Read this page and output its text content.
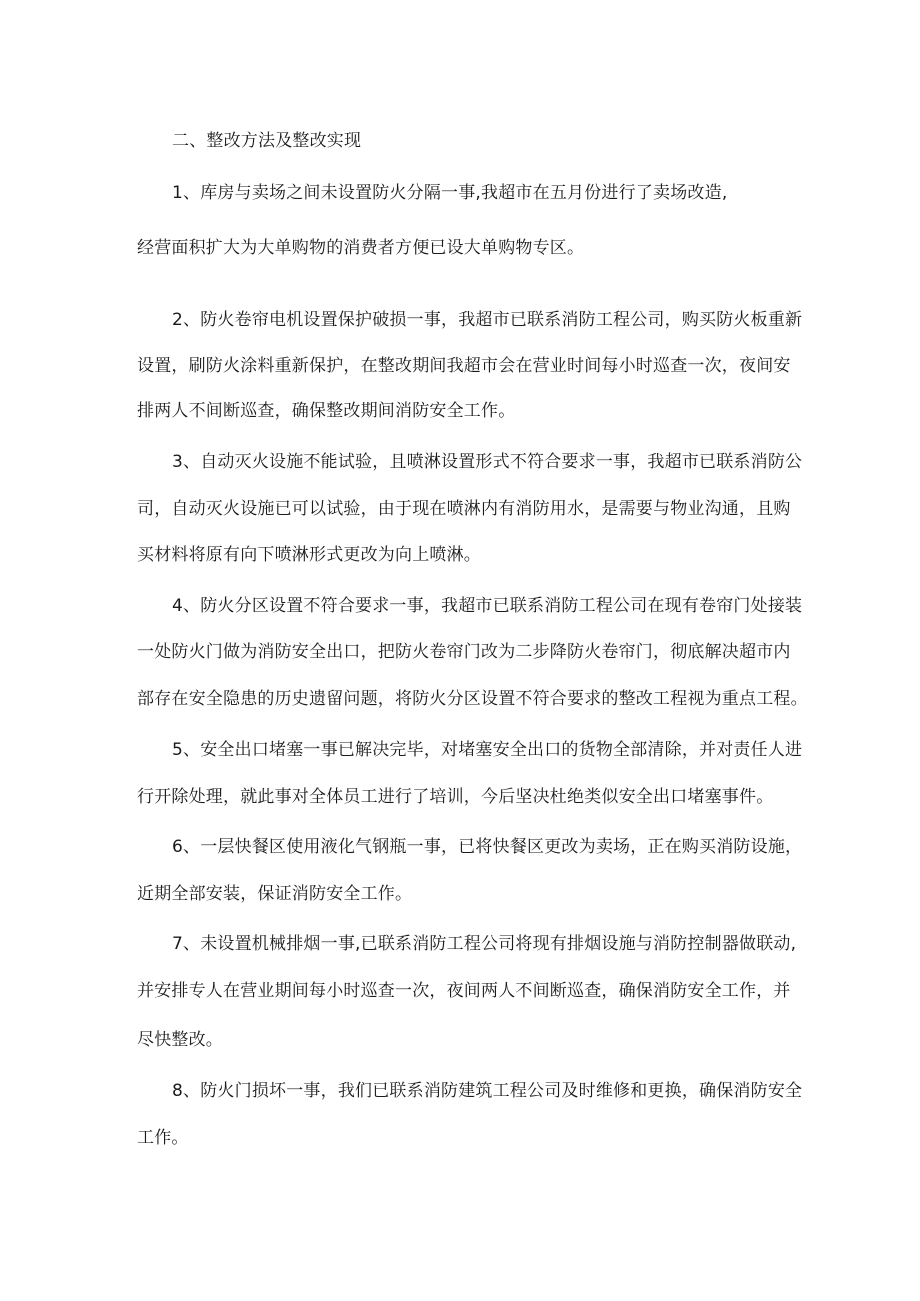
二、整改方法及整改实现
1、库房与卖场之间未设置防火分隔一事,我超市在五月份进行了卖场改造,
经营面积扩大为大单购物的消费者方便已设大单购物专区。
2、防火卷帘电机设置保护破损一事，我超市已联系消防工程公司，购买防火板重新
设置，刷防火涂料重新保护，在整改期间我超市会在营业时间每小时巡查一次，夜间安
排两人不间断巡查，确保整改期间消防安全工作。
3、自动灭火设施不能试验，且喷淋设置形式不符合要求一事，我超市已联系消防公
司，自动灭火设施已可以试验，由于现在喷淋内有消防用水，是需要与物业沟通，且购
买材料将原有向下喷淋形式更改为向上喷淋。
4、防火分区设置不符合要求一事，我超市已联系消防工程公司在现有卷帘门处接装
一处防火门做为消防安全出口，把防火卷帘门改为二步降防火卷帘门，彻底解决超市内
部存在安全隐患的历史遗留问题，将防火分区设置不符合要求的整改工程视为重点工程。
5、安全出口堵塞一事已解决完毕，对堵塞安全出口的货物全部清除，并对责任人进
行开除处理，就此事对全体员工进行了培训，今后坚决杜绝类似安全出口堵塞事件。
6、一层快餐区使用液化气钢瓶一事，已将快餐区更改为卖场，正在购买消防设施，
近期全部安装，保证消防安全工作。
7、未设置机械排烟一事,已联系消防工程公司将现有排烟设施与消防控制器做联动,
并安排专人在营业期间每小时巡查一次，夜间两人不间断巡查，确保消防安全工作，并
尽快整改。
8、防火门损坏一事，我们已联系消防建筑工程公司及时维修和更换，确保消防安全
工作。
